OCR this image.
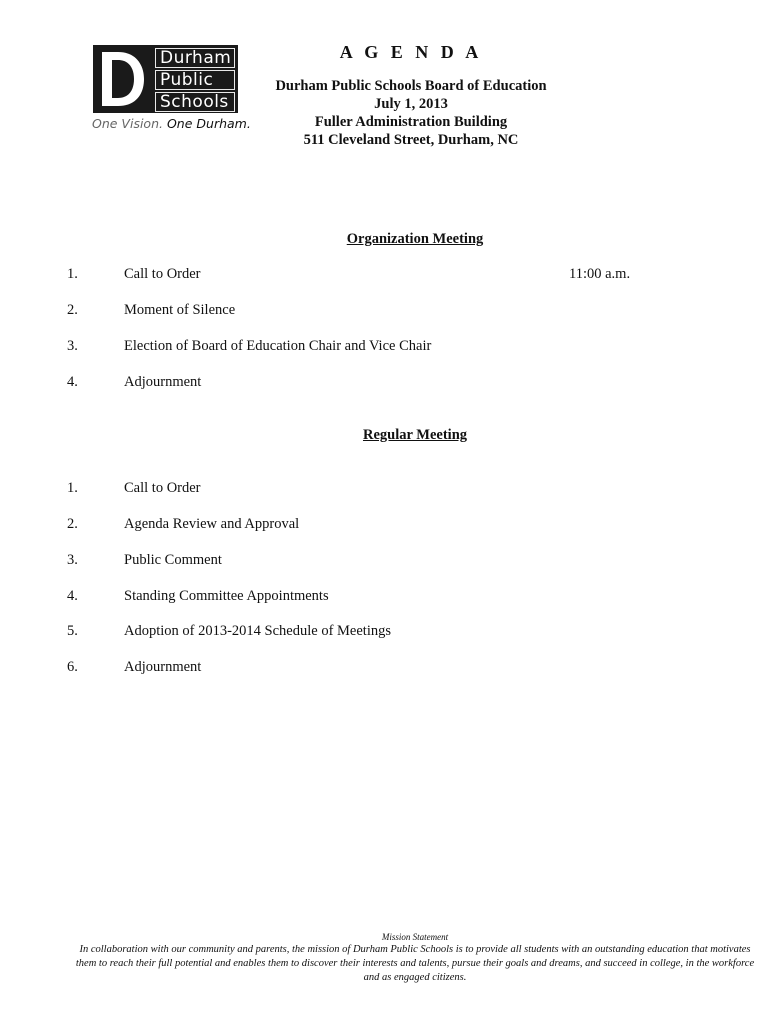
Durham
Public
Schools
One Vision. One Durham.
A G E N D A
Durham Public Schools Board of Education
July 1, 2013
Fuller Administration Building
511 Cleveland Street, Durham, NC
Organization Meeting
1.	Call to Order	11:00 a.m.
2.	Moment of Silence
3.	Election of Board of Education Chair and Vice Chair
4.	Adjournment
Regular Meeting
1.	Call to Order
2.	Agenda Review and Approval
3.	Public Comment
4.	Standing Committee Appointments
5.	Adoption of 2013-2014 Schedule of Meetings
6.	Adjournment
Mission Statement
In collaboration with our community and parents, the mission of Durham Public Schools is to provide all students with an outstanding education that motivates them to reach their full potential and enables them to discover their interests and talents, pursue their goals and dreams, and succeed in college, in the workforce and as engaged citizens.
